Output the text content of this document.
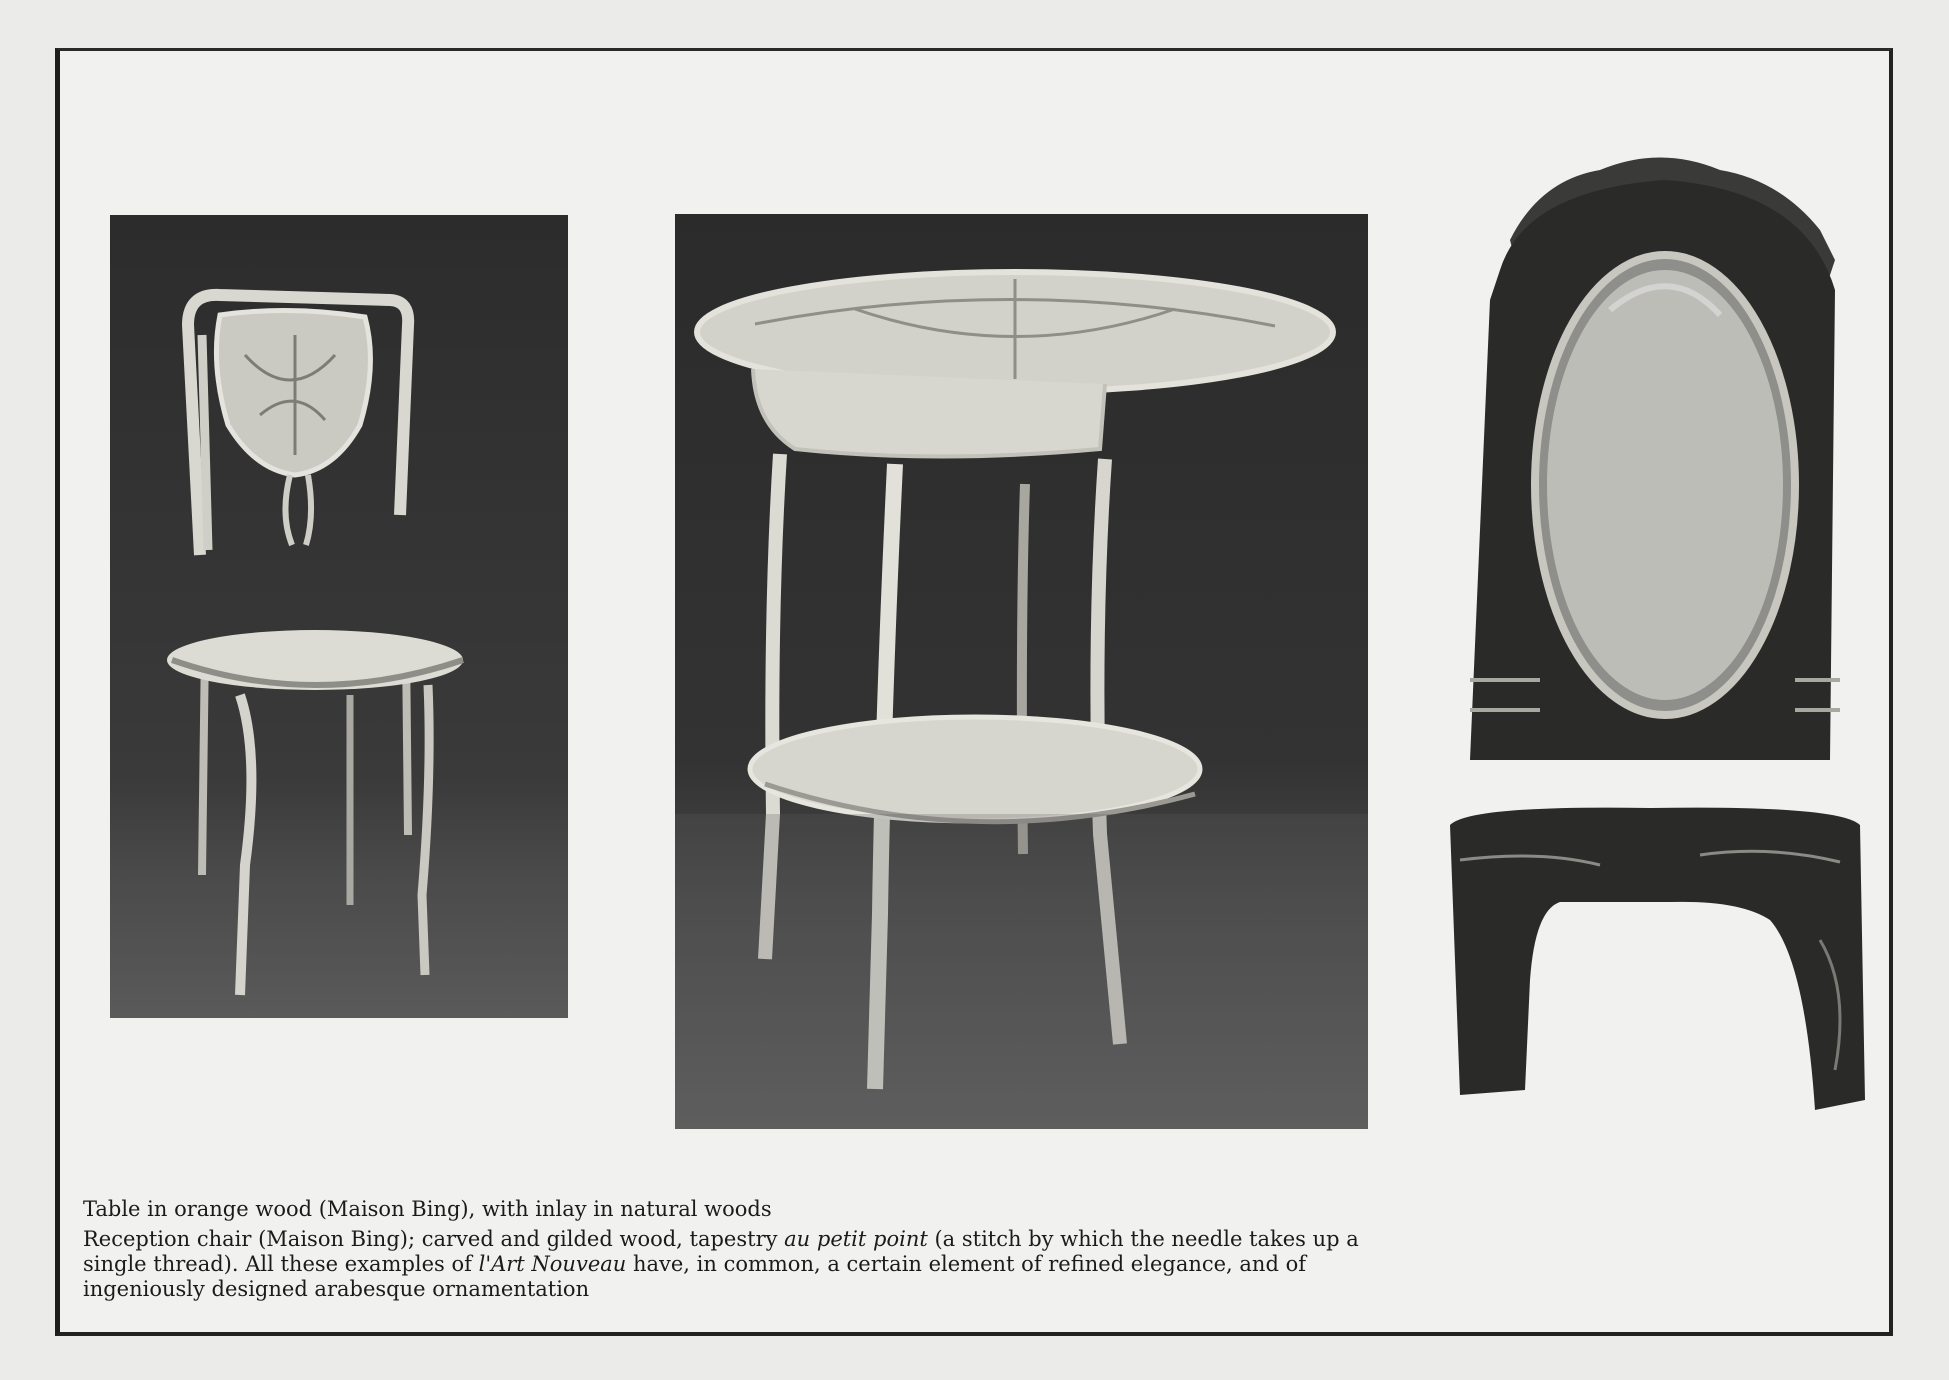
Table in orange wood (Maison Bing), with inlay in natural woods

Reception chair (Maison Bing); carved and gilded wood, tapestry au petit point (a stitch by which the needle takes up a single thread). All these examples of l'Art Nouveau have, in common, a certain element of refined elegance, and of ingeniously designed arabesque ornamentation
